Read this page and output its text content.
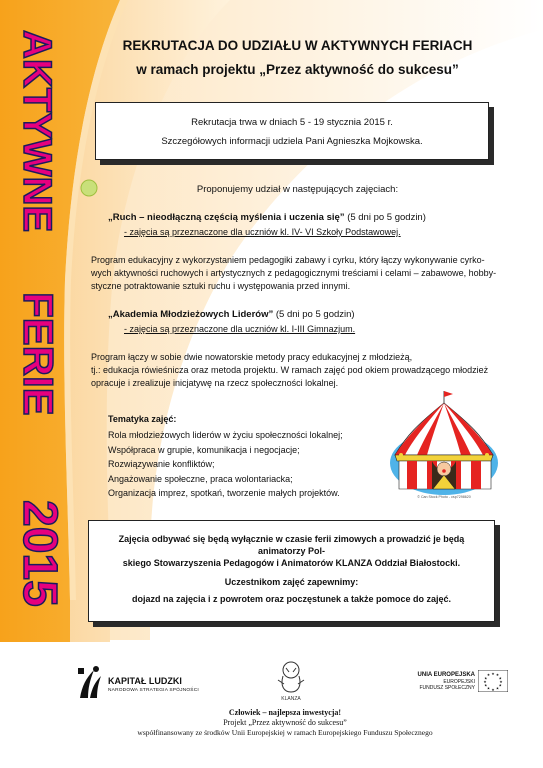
AKTYWNE
FERIE
2015
REKRUTACJA DO UDZIAŁU W AKTYWNYCH FERIACH
w ramach projektu „Przez aktywność do sukcesu”
Rekrutacja trwa w dniach 5 - 19 stycznia 2015 r.
Szczegółowych informacji udziela Pani Agnieszka Mojkowska.
Proponujemy udział w następujących zajęciach:
„Ruch – nieodłączną częścią myślenia i uczenia się” (5 dni po 5 godzin)
- zajęcia są przeznaczone dla uczniów kl. IV- VI Szkoły Podstawowej.
Program edukacyjny z wykorzystaniem pedagogiki zabawy i cyrku, który łączy wykonywanie cyrko-
wych aktywności ruchowych i artystycznych z pedagogicznymi treściami i celami – zabawowe, hobby-
styczne potraktowanie sztuki ruchu i występowania przed innymi.
„Akademia Młodzieżowych Liderów” (5 dni po 5 godzin)
- zajęcia są przeznaczone dla uczniów kl. I-III Gimnazjum.
Program łączy w sobie dwie nowatorskie metody pracy edukacyjnej z młodzieżą,
tj.: edukacja rówieśnicza oraz metoda projektu. W ramach zajęć pod okiem prowadzącego młodzież
opracuje i zrealizuje inicjatywę na rzecz społeczności lokalnej.
Tematyka zajęć:
Rola młodzieżowych liderów w życiu społeczności lokalnej;
Współpraca w grupie, komunikacja i negocjacje;
Rozwiązywanie konfliktów;
Angażowanie społeczne, praca wolontariacka;
Organizacja imprez, spotkań, tworzenie małych projektów.	© Can Stock Photo - csp7298620
Zajęcia odbywać się będą wyłącznie w czasie ferii zimowych a prowadzić je będą animatorzy Pol-
skiego Stowarzyszenia Pedagogów i Animatorów KLANZA Oddział Białostocki.
Uczestnikom zajęć zapewnimy:
dojazd na zajęcia i z powrotem oraz poczęstunek a także pomoce do zajęć.
KAPITAŁ LUDZKI
NARODOWA STRATEGIA SPÓJNOŚCI
KLANZA
UNIA EUROPEJSKA
EUROPEJSKI
FUNDUSZ SPOŁECZNY
★ ★
★
★
★
★
★
★
★
★
★
★
Człowiek – najlepsza inwestycja!
Projekt „Przez aktywność do sukcesu”
współfinansowany ze środków Unii Europejskiej w ramach Europejskiego Funduszu Społecznego
